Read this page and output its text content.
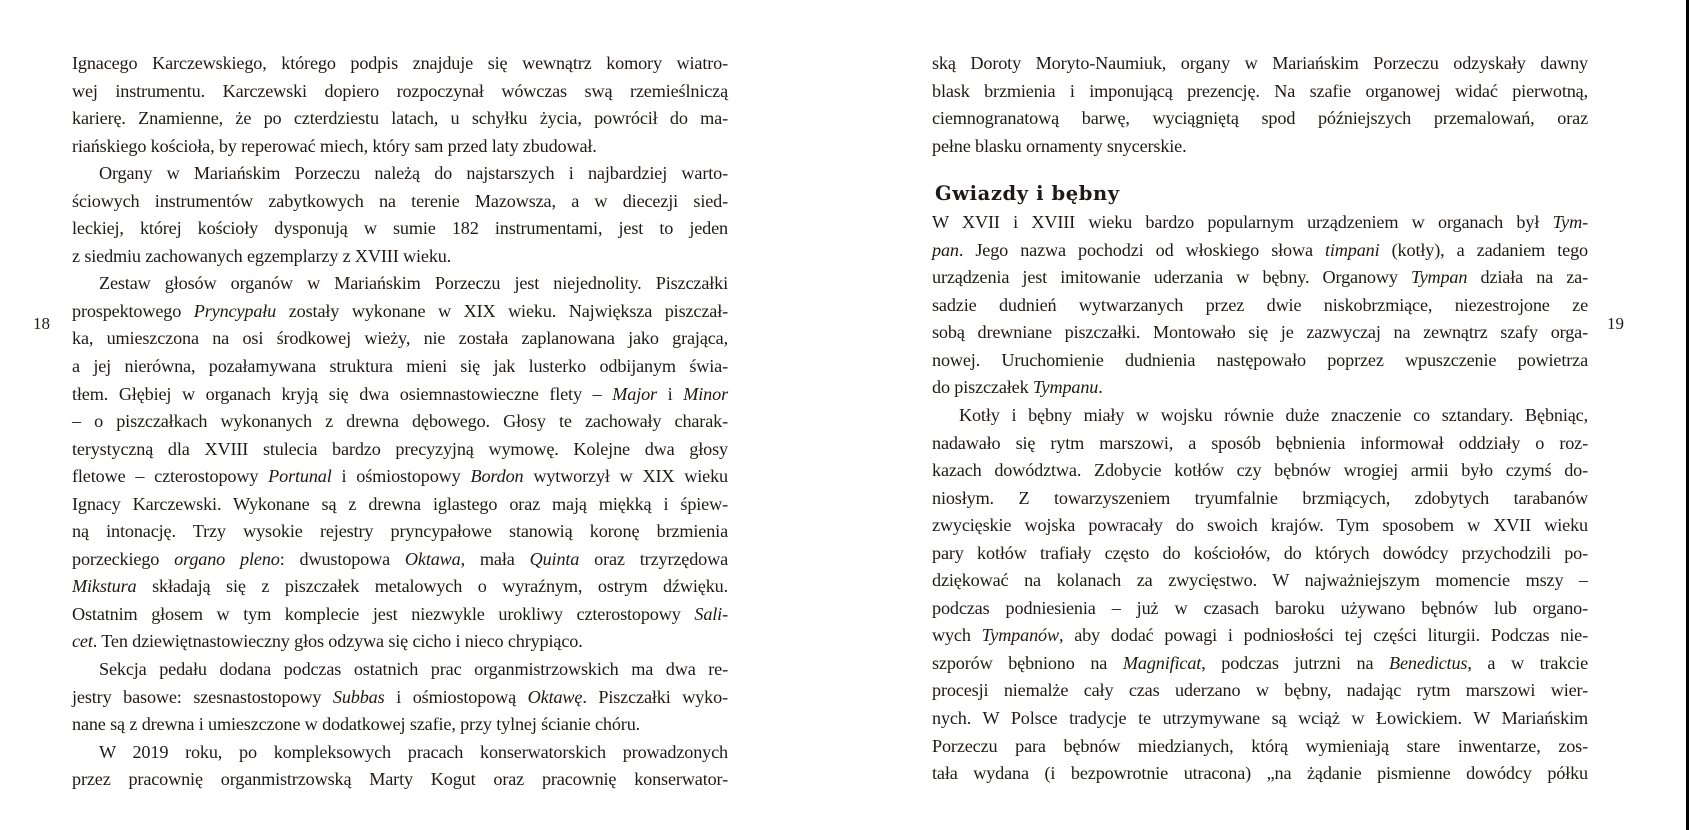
18	19
Ignacego Karczewskiego, którego podpis znajduje się wewnątrz komory wiatro-
wej instrumentu. Karczewski dopiero rozpoczynał wówczas swą rzemieślniczą
karierę. Znamienne, że po czterdziestu latach, u schyłku życia, powrócił do ma-
riańskiego kościoła, by reperować miech, który sam przed laty zbudował.
Organy w Mariańskim Porzeczu należą do najstarszych i najbardziej warto-
ściowych instrumentów zabytkowych na terenie Mazowsza, a w diecezji sied-
leckiej, której kościoły dysponują w sumie 182 instrumentami, jest to jeden
z siedmiu zachowanych egzemplarzy z XVIII wieku.
Zestaw głosów organów w Mariańskim Porzeczu jest niejednolity. Piszczałki
prospektowego Pryncypału zostały wykonane w XIX wieku. Największa piszczał-
ka, umieszczona na osi środkowej wieży, nie została zaplanowana jako grająca,
a jej nierówna, pozałamywana struktura mieni się jak lusterko odbijanym świa-
tłem. Głębiej w organach kryją się dwa osiemnastowieczne flety – Major i Minor
– o piszczałkach wykonanych z drewna dębowego. Głosy te zachowały charak-
terystyczną dla XVIII stulecia bardzo precyzyjną wymowę. Kolejne dwa głosy
fletowe – czterostopowy Portunal i ośmiostopowy Bordon wytworzył w XIX wieku
Ignacy Karczewski. Wykonane są z drewna iglastego oraz mają miękką i śpiew-
ną intonację. Trzy wysokie rejestry pryncypałowe stanowią koronę brzmienia
porzeckiego organo pleno: dwustopowa Oktawa, mała Quinta oraz trzyrzędowa
Mikstura składają się z piszczałek metalowych o wyraźnym, ostrym dźwięku.
Ostatnim głosem w tym komplecie jest niezwykle urokliwy czterostopowy Sali-
cet. Ten dziewiętnastowieczny głos odzywa się cicho i nieco chrypiąco.
Sekcja pedału dodana podczas ostatnich prac organmistrzowskich ma dwa re-
jestry basowe: szesnastostopowy Subbas i ośmiostopową Oktawę. Piszczałki wyko-
nane są z drewna i umieszczone w dodatkowej szafie, przy tylnej ścianie chóru.
W 2019 roku, po kompleksowych pracach konserwatorskich prowadzonych
przez pracownię organmistrzowską Marty Kogut oraz pracownię konserwator-
ską Doroty Moryto-Naumiuk, organy w Mariańskim Porzeczu odzyskały dawny
blask brzmienia i imponującą prezencję. Na szafie organowej widać pierwotną,
ciemnogranatową barwę, wyciągniętą spod późniejszych przemalowań, oraz
pełne blasku ornamenty snycerskie.
Gwiazdy i bębny
W XVII i XVIII wieku bardzo popularnym urządzeniem w organach był Tym-
pan. Jego nazwa pochodzi od włoskiego słowa timpani (kotły), a zadaniem tego
urządzenia jest imitowanie uderzania w bębny. Organowy Tympan działa na za-
sadzie dudnień wytwarzanych przez dwie niskobrzmiące, niezestrojone ze
sobą drewniane piszczałki. Montowało się je zazwyczaj na zewnątrz szafy orga-
nowej. Uruchomienie dudnienia następowało poprzez wpuszczenie powietrza
do piszczałek Tympanu.
Kotły i bębny miały w wojsku równie duże znaczenie co sztandary. Bębniąc,
nadawało się rytm marszowi, a sposób bębnienia informował oddziały o roz-
kazach dowództwa. Zdobycie kotłów czy bębnów wrogiej armii było czymś do-
niosłym. Z towarzyszeniem tryumfalnie brzmiących, zdobytych tarabanów
zwycięskie wojska powracały do swoich krajów. Tym sposobem w XVII wieku
pary kotłów trafiały często do kościołów, do których dowódcy przychodzili po-
dziękować na kolanach za zwycięstwo. W najważniejszym momencie mszy –
podczas podniesienia – już w czasach baroku używano bębnów lub organo-
wych Tympanów, aby dodać powagi i podniosłości tej części liturgii. Podczas nie-
szporów bębniono na Magnificat, podczas jutrzni na Benedictus, a w trakcie
procesji niemalże cały czas uderzano w bębny, nadając rytm marszowi wier-
nych. W Polsce tradycje te utrzymywane są wciąż w Łowickiem. W Mariańskim
Porzeczu para bębnów miedzianych, którą wymieniają stare inwentarze, zos-
tała wydana (i bezpowrotnie utracona) „na żądanie pismienne dowódcy półku
